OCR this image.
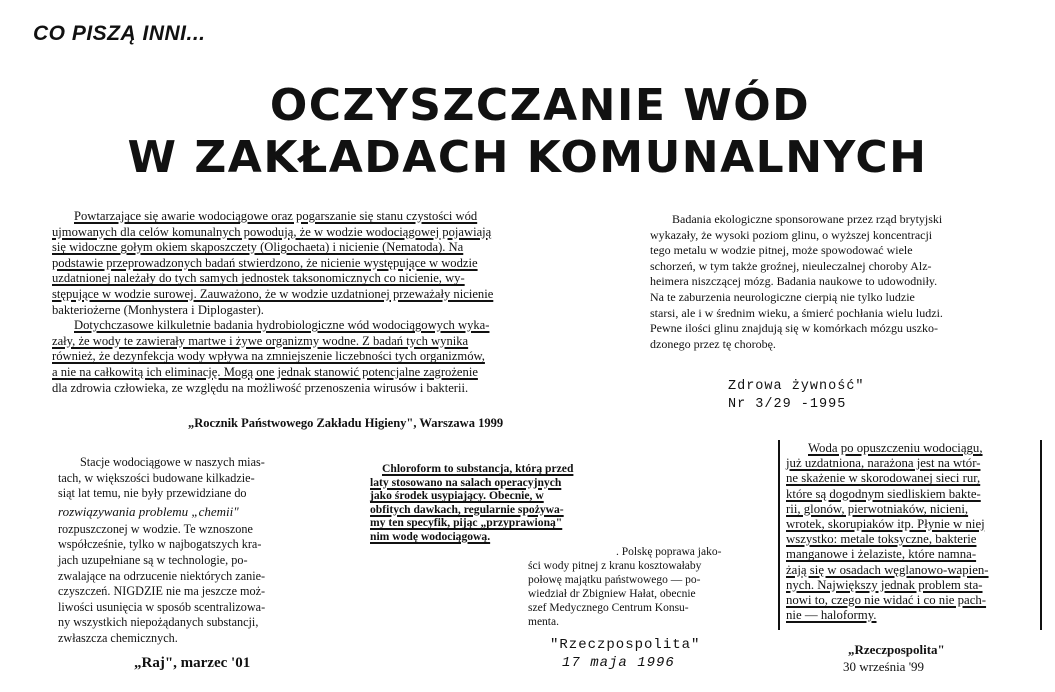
CO PISZĄ INNI...
OCZYSZCZANIE WÓD
W ZAKŁADACH KOMUNALNYCH

Powtarzające się awarie wodociągowe oraz pogarszanie się stanu czystości wód

ujmowanych dla celów komunalnych powodują, że w wodzie wodociągowej pojawiają

się widoczne gołym okiem skąposzczety (Oligochaeta) i nicienie (Nematoda). Na

podstawie przeprowadzonych badań stwierdzono, że nicienie występujące w wodzie

uzdatnionej należały do tych samych jednostek taksonomicznych co nicienie, wy-

stępujące w wodzie surowej. Zauważono, że w wodzie uzdatnionej przeważały nicienie

bakteriożerne (Monhystera i Diplogaster).

Dotychczasowe kilkuletnie badania hydrobiologiczne wód wodociągowych wyka-

zały, że wody te zawierały martwe i żywe organizmy wodne. Z badań tych wynika

również, że dezynfekcja wody wpływa na zmniejszenie liczebności tych organizmów,

a nie na całkowitą ich eliminację. Mogą one jednak stanowić potencjalne zagrożenie

dla zdrowia człowieka, ze względu na możliwość przenoszenia wirusów i bakterii.

„Rocznik Państwowego Zakładu Higieny", Warszawa 1999

Badania ekologiczne sponsorowane przez rząd brytyjski

wykazały, że wysoki poziom glinu, o wyższej koncentracji

tego metalu w wodzie pitnej, może spowodować wiele

schorzeń, w tym także groźnej, nieuleczalnej choroby Alz-

heimera niszczącej mózg. Badania naukowe to udowodniły.

Na te zaburzenia neurologiczne cierpią nie tylko ludzie

starsi, ale i w średnim wieku, a śmierć pochłania wielu ludzi.

Pewne ilości glinu znajdują się w komórkach mózgu uszko-

dzonego przez tę chorobę.

Zdrowa żywność"
Nr 3/29 -1995

Stacje wodociągowe w naszych mias-

tach, w większości budowane kilkadzie-

siąt lat temu, nie były przewidziane do

rozwiązywania problemu „chemii"

rozpuszczonej w wodzie. Te wznoszone

współcześnie, tylko w najbogatszych kra-

jach uzupełniane są w technologie, po-

zwalające na odrzucenie niektórych zanie-

czyszczeń. NIGDZIE nie ma jeszcze moż-

liwości usunięcia w sposób scentralizowa-

ny wszystkich niepożądanych substancji,

zwłaszcza chemicznych.

„Raj", marzec '01

Chloroform to substancja, którą przed

laty stosowano na salach operacyjnych

jako środek usypiający. Obecnie, w

obfitych dawkach, regularnie spożywa-

my ten specyfik, pijąc „przyprawioną"

nim wodę wodociągową.

. Polskę poprawa jako-

ści wody pitnej z kranu kosztowałaby

połowę majątku państwowego — po-

wiedział dr Zbigniew Hałat, obecnie

szef Medycznego Centrum Konsu-

menta.

"Rzeczpospolita"
17 maja 1996

Woda po opuszczeniu wodociągu,

już uzdatniona, narażona jest na wtór-

ne skażenie w skorodowanej sieci rur,

które są dogodnym siedliskiem bakte-

rii, glonów, pierwotniaków, nicieni,

wrotek, skorupiaków itp. Płynie w niej

wszystko: metale toksyczne, bakterie

manganowe i żelaziste, które namna-

żają się w osadach węglanowo-wapien-

nych. Największy jednak problem sta-

nowi to, czego nie widać i co nie pach-

nie — haloformy.

„Rzeczpospolita"
30 września '99
